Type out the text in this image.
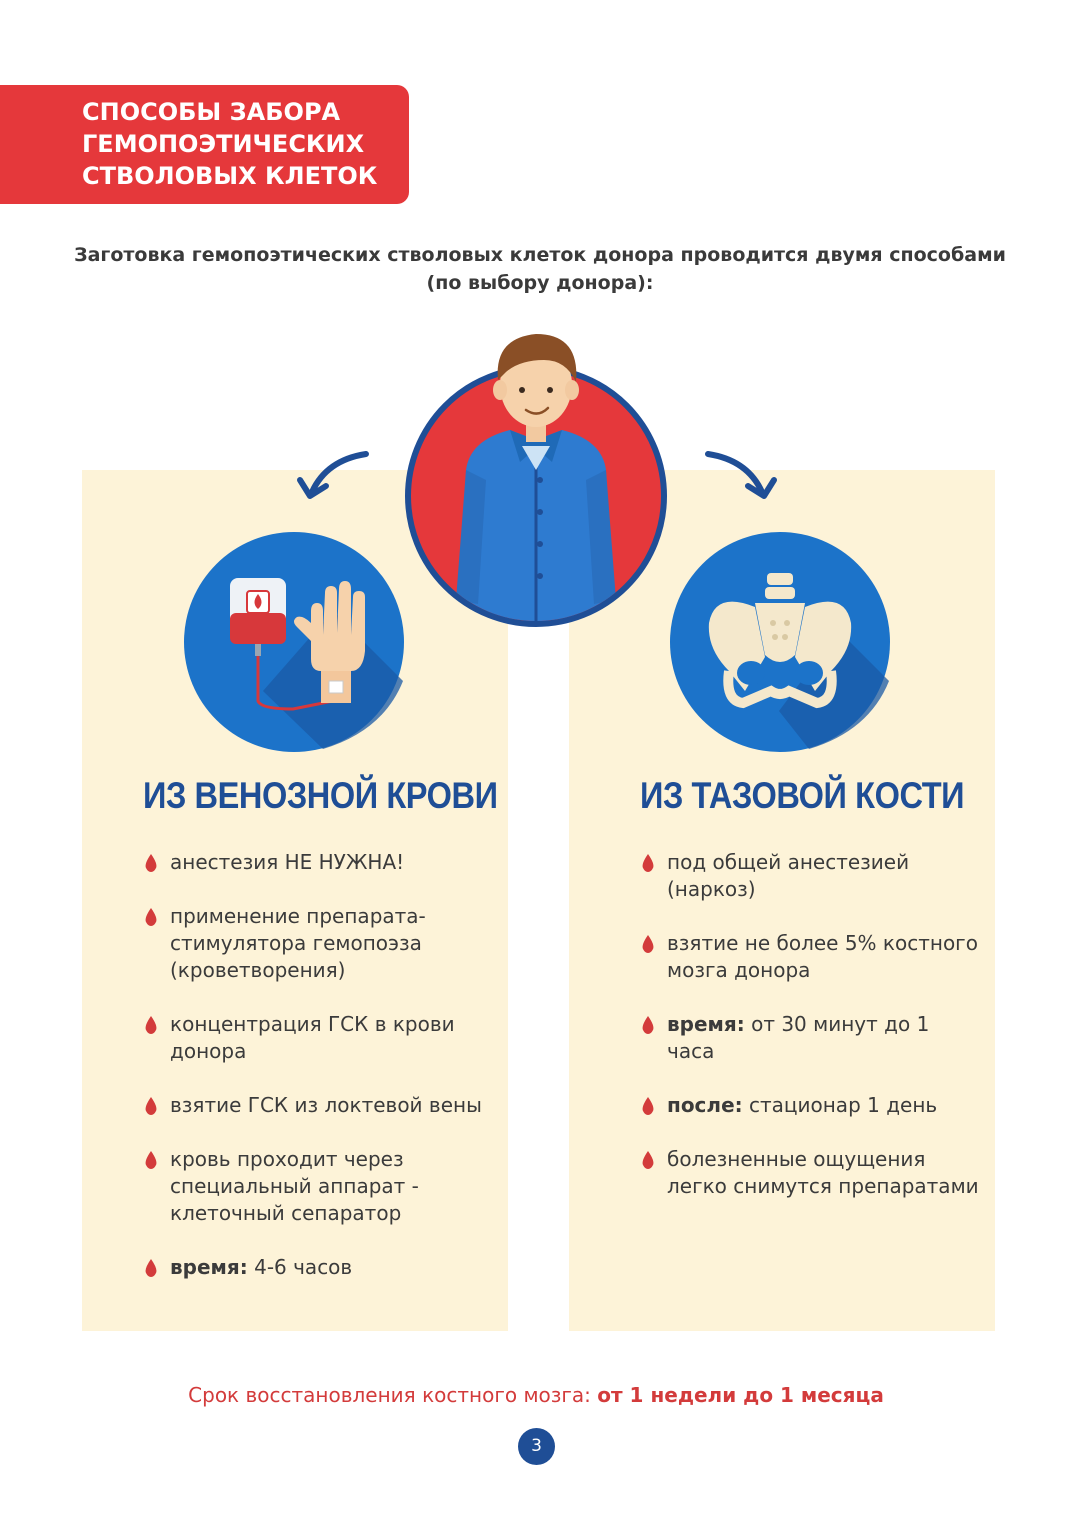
СПОСОБЫ ЗАБОРА
ГЕМОПОЭТИЧЕСКИХ
СТВОЛОВЫХ КЛЕТОК

Заготовка гемопоэтических стволовых клеток донора проводится двумя способами
(по выбору донора):

ИЗ ВЕНОЗНОЙ КРОВИ	ИЗ ТАЗОВОЙ КОСТИ
анестезия НЕ НУЖНА!
применение препарата-стимулятора гемопоэза (кроветворения)
концентрация ГСК в крови донора
взятие ГСК из локтевой вены
кровь проходит через специальный аппарат - клеточный сепаратор
время: 4-6 часов
под общей анестезией (наркоз)
взятие не более 5% костного мозга донора
время: от 30 минут до 1 часа
после: стационар 1 день
болезненные ощущения легко снимутся препаратами

Срок восстановления костного мозга: от 1 недели до 1 месяца

3
